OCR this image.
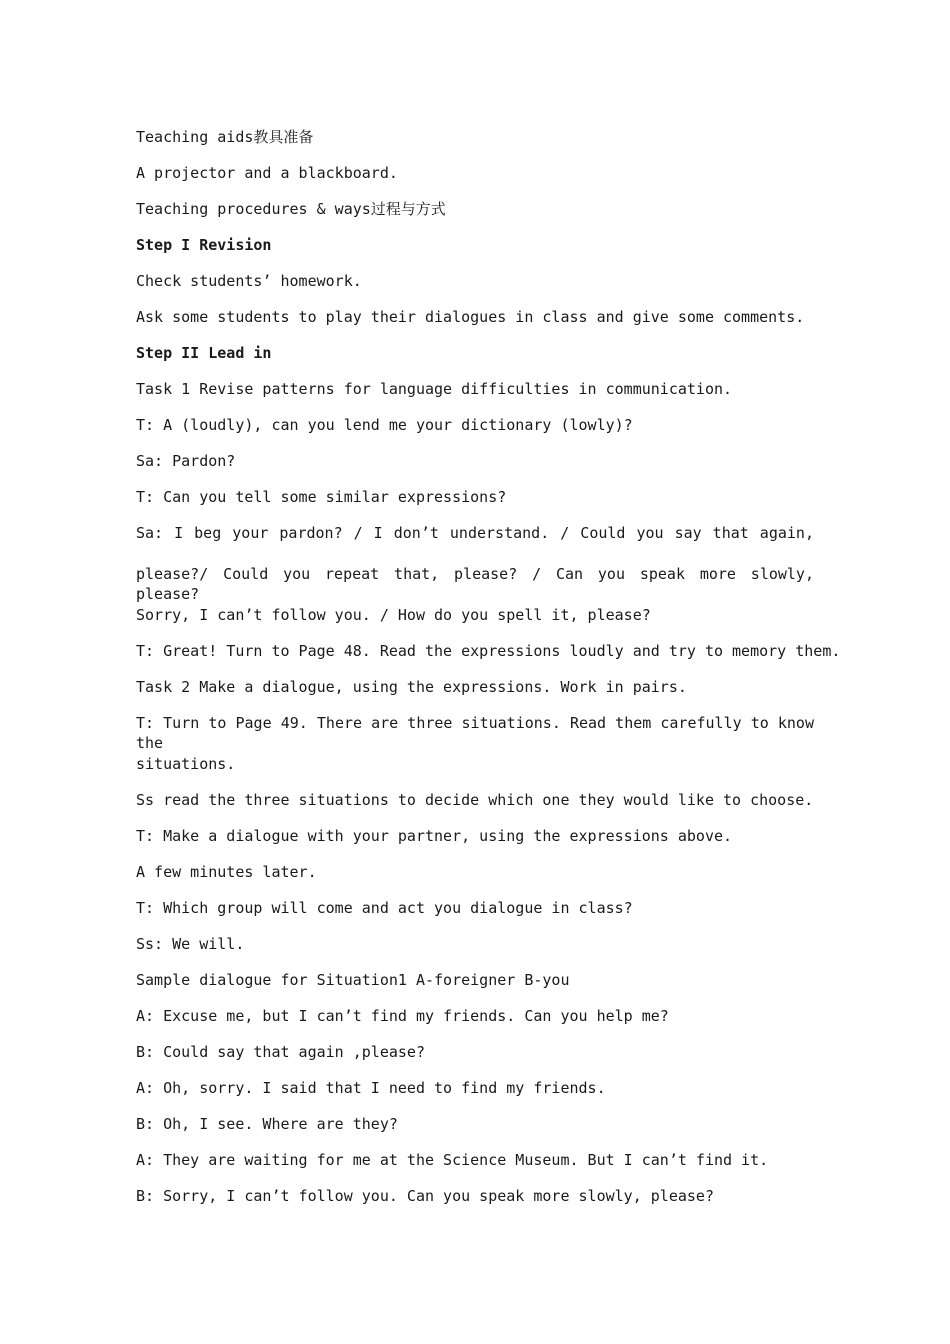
Teaching aids教具准备

A projector and a blackboard.

Teaching procedures & ways过程与方式

Step I Revision

Check students’ homework.

Ask some students to play their dialogues in class and give some comments.

Step II Lead in

Task 1 Revise patterns for language difficulties in communication.

T: A (loudly), can you lend me your dictionary (lowly)?

Sa: Pardon?

T: Can you tell some similar expressions?

Sa: I beg your pardon? / I don’t understand. / Could you say that again,

please?/ Could you repeat that, please? / Can you speak more slowly, please?

Sorry, I can’t follow you. / How do you spell it, please?

T: Great! Turn to Page 48. Read the expressions loudly and try to memory them.

Task 2 Make a dialogue, using the expressions. Work in pairs.

T: Turn to Page 49. There are three situations. Read them carefully to know the

situations.

Ss read the three situations to decide which one they would like to choose.

T: Make a dialogue with your partner, using the expressions above.

A few minutes later.

T: Which group will come and act you dialogue in class?

Ss: We will.

Sample dialogue for Situation1 A-foreigner B-you

A: Excuse me, but I can’t find my friends. Can you help me?

B: Could say that again ,please?

A: Oh, sorry. I said that I need to find my friends.

B: Oh, I see. Where are they?

A: They are waiting for me at the Science Museum. But I can’t find it.

B: Sorry, I can’t follow you. Can you speak more slowly, please?
